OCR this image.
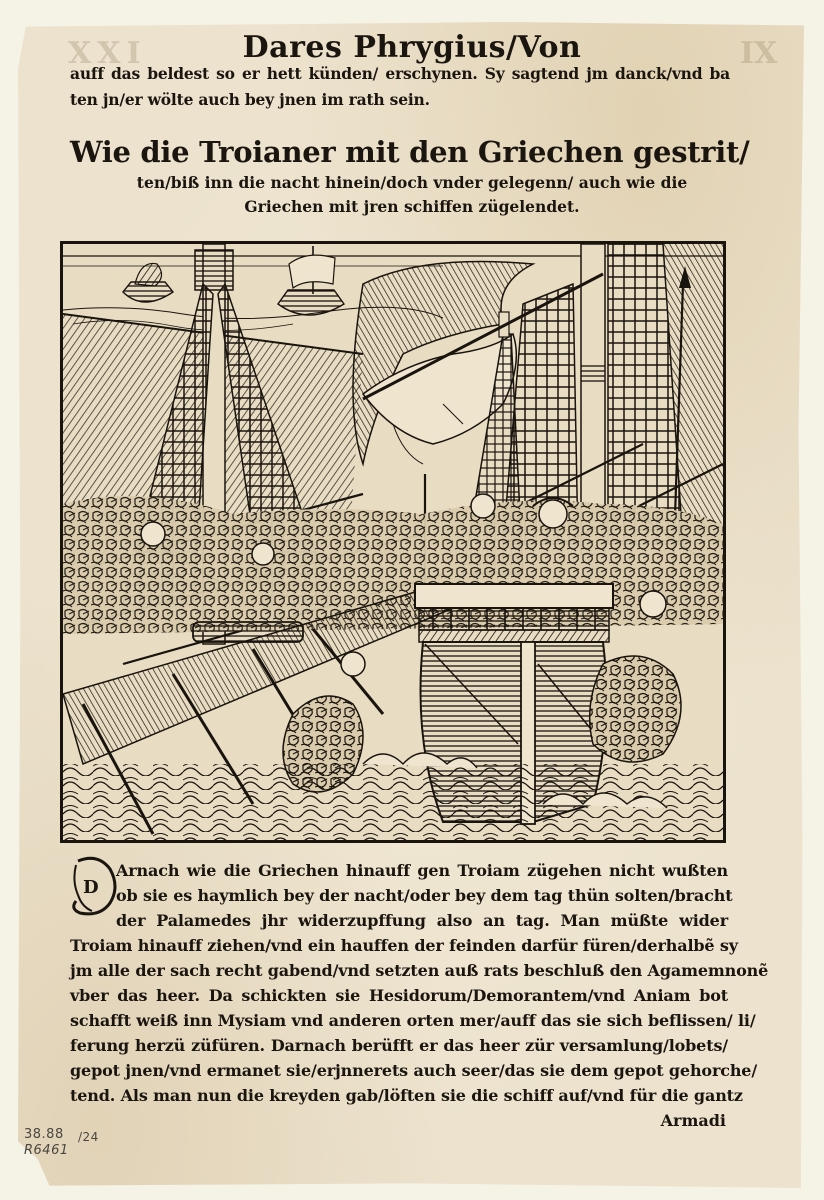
XXI	IX
Dares Phrygius/Von
auff das beldest so er hett künden/ erschynen. Sy sagtend jm danck/vnd ba
ten jn/er wölte auch bey jnen im rath sein.
Wie die Troianer mit den Griechen gestrit/
ten/biß inn die nacht hinein/doch vnder gelegenn/ auch wie die
Griechen mit jren schiffen zügelendet.
D
Arnach wie die Griechen hinauff gen Troiam zügehen nicht wußten
ob sie es haymlich bey der nacht/oder bey dem tag thün solten/bracht
der Palamedes jhr widerzupffung also an tag. Man müßte wider
Troiam hinauff ziehen/vnd ein hauffen der feinden darfür füren/derhalbẽ sy
jm alle der sach recht gabend/vnd setzten auß rats beschluß den Agamemnonẽ
vber das heer. Da schickten sie Hesidorum/Demorantem/vnd Aniam bot
schafft weiß inn Mysiam vnd anderen orten mer/auff das sie sich beflissen/ li/
ferung herzü züfüren. Darnach berüfft er das heer zür versamlung/lobets/
gepot jnen/vnd ermanet sie/erjnnerets auch seer/das sie dem gepot gehorche/
tend. Als man nun die kreyden gab/löften sie die schiff auf/vnd für die gantz
Armadi
38.88
R6461
/24
